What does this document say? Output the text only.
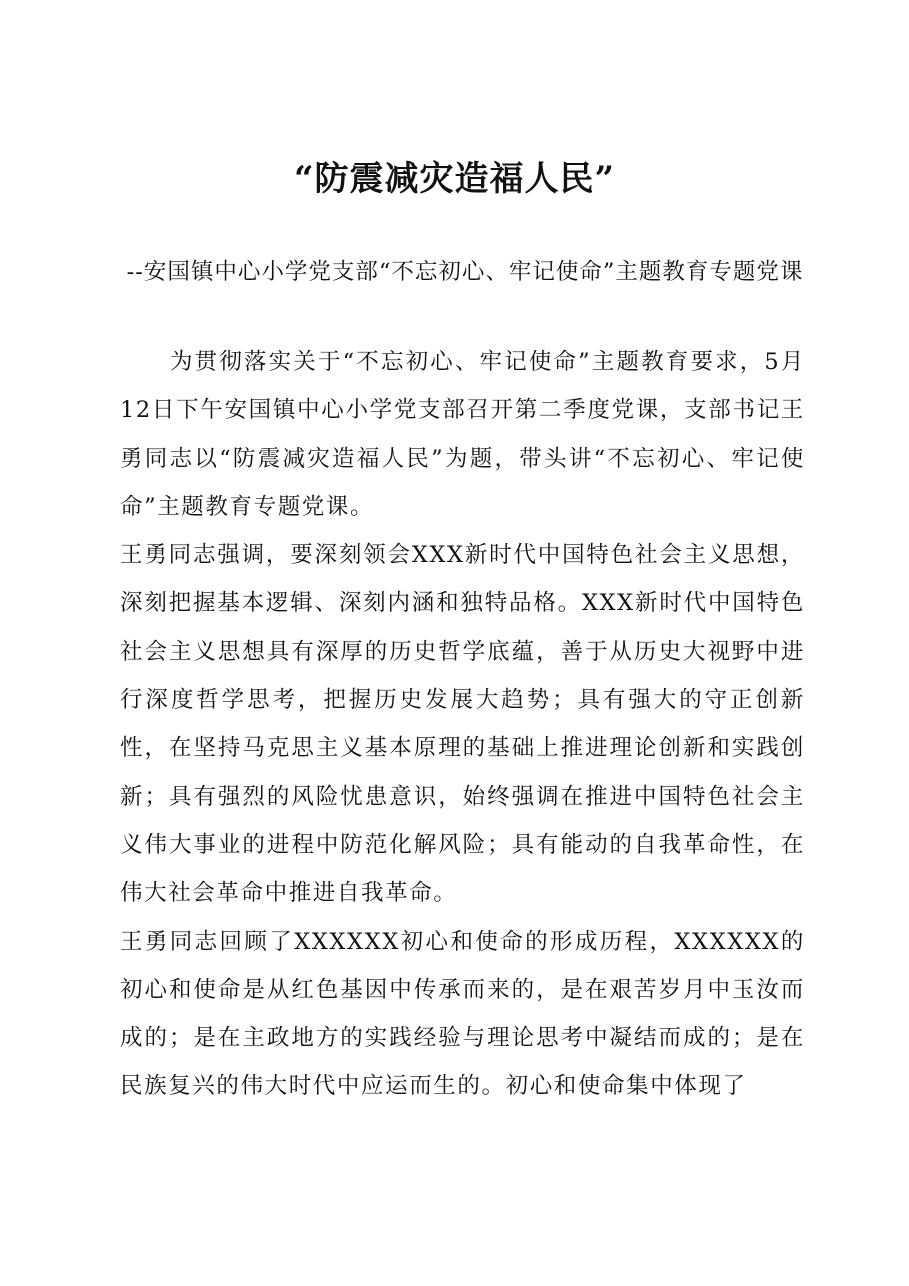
“防震减灾造福人民”

--安国镇中心小学党支部“不忘初心、牢记使命”主题教育专题党课

为贯彻落实关于“不忘初心、牢记使命”主题教育要求，5月12日下午安国镇中心小学党支部召开第二季度党课，支部书记王勇同志以“防震减灾造福人民”为题，带头讲“不忘初心、牢记使命”主题教育专题党课。

王勇同志强调，要深刻领会XXX新时代中国特色社会主义思想，深刻把握基本逻辑、深刻内涵和独特品格。XXX新时代中国特色社会主义思想具有深厚的历史哲学底蕴，善于从历史大视野中进行深度哲学思考，把握历史发展大趋势；具有强大的守正创新性，在坚持马克思主义基本原理的基础上推进理论创新和实践创新；具有强烈的风险忧患意识，始终强调在推进中国特色社会主义伟大事业的进程中防范化解风险；具有能动的自我革命性，在伟大社会革命中推进自我革命。

王勇同志回顾了XXXXXX初心和使命的形成历程，XXXXXX的初心和使命是从红色基因中传承而来的，是在艰苦岁月中玉汝而成的；是在主政地方的实践经验与理论思考中凝结而成的；是在民族复兴的伟大时代中应运而生的。初心和使命集中体现了
